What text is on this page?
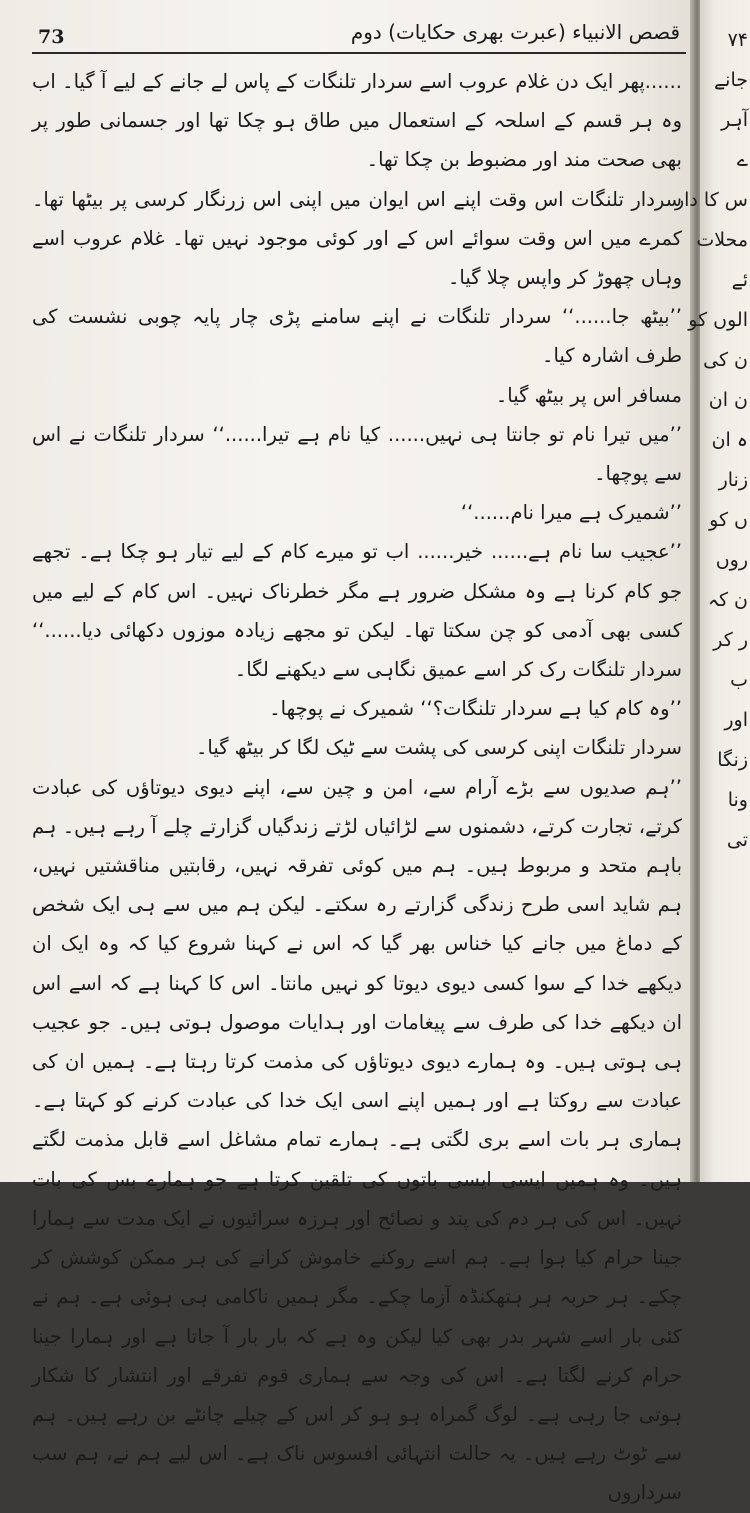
قصص الانبیاء (عبرت بھری حکایات) دوم
73

......پھر ایک دن غلام عروب اسے سردار تلنگات کے پاس لے جانے کے لیے آ گیا۔ اب وہ ہر قسم کے اسلحہ کے استعمال میں طاق ہو چکا تھا اور جسمانی طور پر بھی صحت مند اور مضبوط بن چکا تھا۔

سردار تلنگات اس وقت اپنے اس ایوان میں اپنی اس زرنگار کرسی پر بیٹھا تھا۔ کمرے میں اس وقت سوائے اس کے اور کوئی موجود نہیں تھا۔ غلام عروب اسے وہاں چھوڑ کر واپس چلا گیا۔

’’بیٹھ جا......‘‘ سردار تلنگات نے اپنے سامنے پڑی چار پایہ چوبی نشست کی طرف اشارہ کیا۔

مسافر اس پر بیٹھ گیا۔

’’میں تیرا نام تو جانتا ہی نہیں...... کیا نام ہے تیرا......‘‘ سردار تلنگات نے اس سے پوچھا۔

’’شمیرک ہے میرا نام......‘‘

’’عجیب سا نام ہے...... خیر...... اب تو میرے کام کے لیے تیار ہو چکا ہے۔ تجھے جو کام کرنا ہے وہ مشکل ضرور ہے مگر خطرناک نہیں۔ اس کام کے لیے میں کسی بھی آدمی کو چن سکتا تھا۔ لیکن تو مجھے زیادہ موزوں دکھائی دیا......‘‘ سردار تلنگات رک کر اسے عمیق نگاہی سے دیکھنے لگا۔

’’وہ کام کیا ہے سردار تلنگات؟‘‘ شمیرک نے پوچھا۔

سردار تلنگات اپنی کرسی کی پشت سے ٹیک لگا کر بیٹھ گیا۔

’’ہم صدیوں سے بڑے آرام سے، امن و چین سے، اپنے دیوی دیوتاؤں کی عبادت کرتے، تجارت کرتے، دشمنوں سے لڑائیاں لڑتے زندگیاں گزارتے چلے آ رہے ہیں۔ ہم باہم متحد و مربوط ہیں۔ ہم میں کوئی تفرقہ نہیں، رقابتیں مناقشتیں نہیں، ہم شاید اسی طرح زندگی گزارتے رہ سکتے۔ لیکن ہم میں سے ہی ایک شخص کے دماغ میں جانے کیا خناس بھر گیا کہ اس نے کہنا شروع کیا کہ وہ ایک ان دیکھے خدا کے سوا کسی دیوی دیوتا کو نہیں مانتا۔ اس کا کہنا ہے کہ اسے اس ان دیکھے خدا کی طرف سے پیغامات اور ہدایات موصول ہوتی ہیں۔ جو عجیب ہی ہوتی ہیں۔ وہ ہمارے دیوی دیوتاؤں کی مذمت کرتا رہتا ہے۔ ہمیں ان کی عبادت سے روکتا ہے اور ہمیں اپنے اسی ایک خدا کی عبادت کرنے کو کہتا ہے۔ ہماری ہر بات اسے بری لگتی ہے۔ ہمارے تمام مشاغل اسے قابل مذمت لگتے ہیں۔ وہ ہمیں ایسی ایسی باتوں کی تلقین کرتا ہے جو ہمارے بس کی بات نہیں۔ اس کی ہر دم کی پند و نصائح اور ہرزہ سرائیوں نے ایک مدت سے ہمارا جینا حرام کیا ہوا ہے۔ ہم اسے روکنے خاموش کرانے کی ہر ممکن کوشش کر چکے۔ ہر حربہ ہر ہتھکنڈہ آزما چکے۔ مگر ہمیں ناکامی ہی ہوئی ہے۔ ہم نے کئی بار اسے شہر بدر بھی کیا لیکن وہ ہے کہ بار بار آ جاتا ہے اور ہمارا جینا حرام کرنے لگتا ہے۔ اس کی وجہ سے ہماری قوم تفرقے اور انتشار کا شکار ہوتی جا رہی ہے۔ لوگ گمراہ ہو ہو کر اس کے چیلے چانٹے بن رہے ہیں۔ ہم سے ٹوٹ رہے ہیں۔ یہ حالت انتہائی افسوس ناک ہے۔ اس لیے ہم نے، ہم سب سرداروں

۷۴
جانے
آہر
ے
س کا دار
محلات
ئے
الوں کو
ن کی
ن ان
ہ ان
زنار
ں کو
روں
ن کہ
ر کر
ب
اور
زنگا
ونا
تی
